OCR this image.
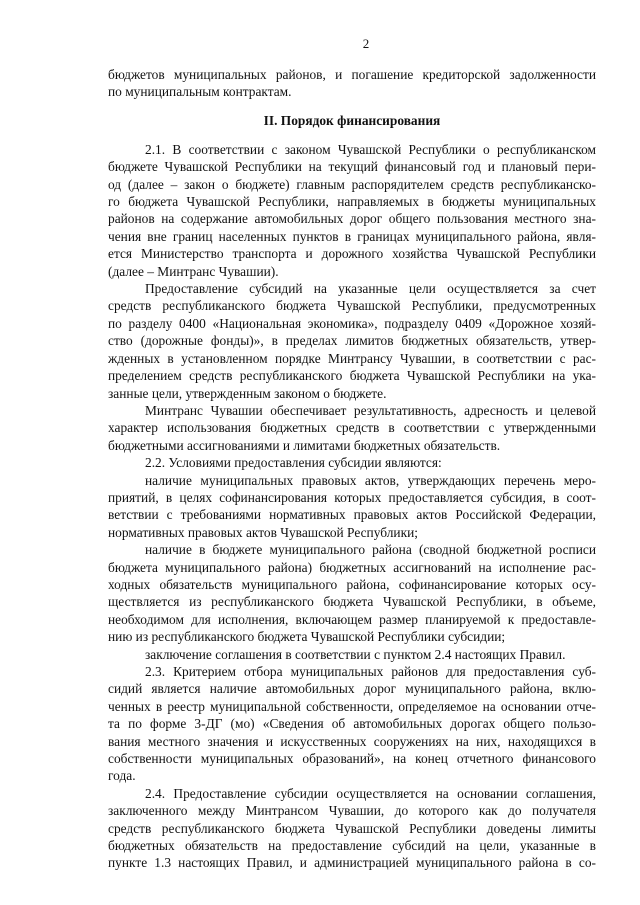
2

бюджетов муниципальных районов, и погашение кредиторской задолженности

по муниципальным контрактам.

II. Порядок финансирования

2.1. В соответствии с законом Чувашской Республики о республиканском

бюджете Чувашской Республики на текущий финансовый год и плановый пери-

од (далее – закон о бюджете) главным распорядителем средств республиканско-

го бюджета Чувашской Республики, направляемых в бюджеты муниципальных

районов на содержание автомобильных дорог общего пользования местного зна-

чения вне границ населенных пунктов в границах муниципального района, явля-

ется Министерство транспорта и дорожного хозяйства Чувашской Республики

(далее – Минтранс Чувашии).

Предоставление субсидий на указанные цели осуществляется за счет

средств республиканского бюджета Чувашской Республики, предусмотренных

по разделу 0400 «Национальная экономика», подразделу 0409 «Дорожное хозяй-

ство (дорожные фонды)», в пределах лимитов бюджетных обязательств, утвер-

жденных в установленном порядке Минтрансу Чувашии, в соответствии с рас-

пределением средств республиканского бюджета Чувашской Республики на ука-

занные цели, утвержденным законом о бюджете.

Минтранс Чувашии обеспечивает результативность, адресность и целевой

характер использования бюджетных средств в соответствии с утвержденными

бюджетными ассигнованиями и лимитами бюджетных обязательств.

2.2. Условиями предоставления субсидии являются:

наличие муниципальных правовых актов, утверждающих перечень меро-

приятий, в целях софинансирования которых предоставляется субсидия, в соот-

ветствии с требованиями нормативных правовых актов Российской Федерации,

нормативных правовых актов Чувашской Республики;

наличие в бюджете муниципального района (сводной бюджетной росписи

бюджета муниципального района) бюджетных ассигнований на исполнение рас-

ходных обязательств муниципального района, софинансирование которых осу-

ществляется из республиканского бюджета Чувашской Республики, в объеме,

необходимом для исполнения, включающем размер планируемой к предоставле-

нию из республиканского бюджета Чувашской Республики субсидии;

заключение соглашения в соответствии с пунктом 2.4 настоящих Правил.

2.3. Критерием отбора муниципальных районов для предоставления суб-

сидий является наличие автомобильных дорог муниципального района, вклю-

ченных в реестр муниципальной собственности, определяемое на основании отче-

та по форме 3-ДГ (мо) «Сведения об автомобильных дорогах общего пользо-

вания местного значения и искусственных сооружениях на них, находящихся в

собственности муниципальных образований», на конец отчетного финансового

года.

2.4. Предоставление субсидии осуществляется на основании соглашения,

заключенного между Минтрансом Чувашии, до которого как до получателя

средств республиканского бюджета Чувашской Республики доведены лимиты

бюджетных обязательств на предоставление субсидий на цели, указанные в

пункте 1.3 настоящих Правил, и администрацией муниципального района в со-
